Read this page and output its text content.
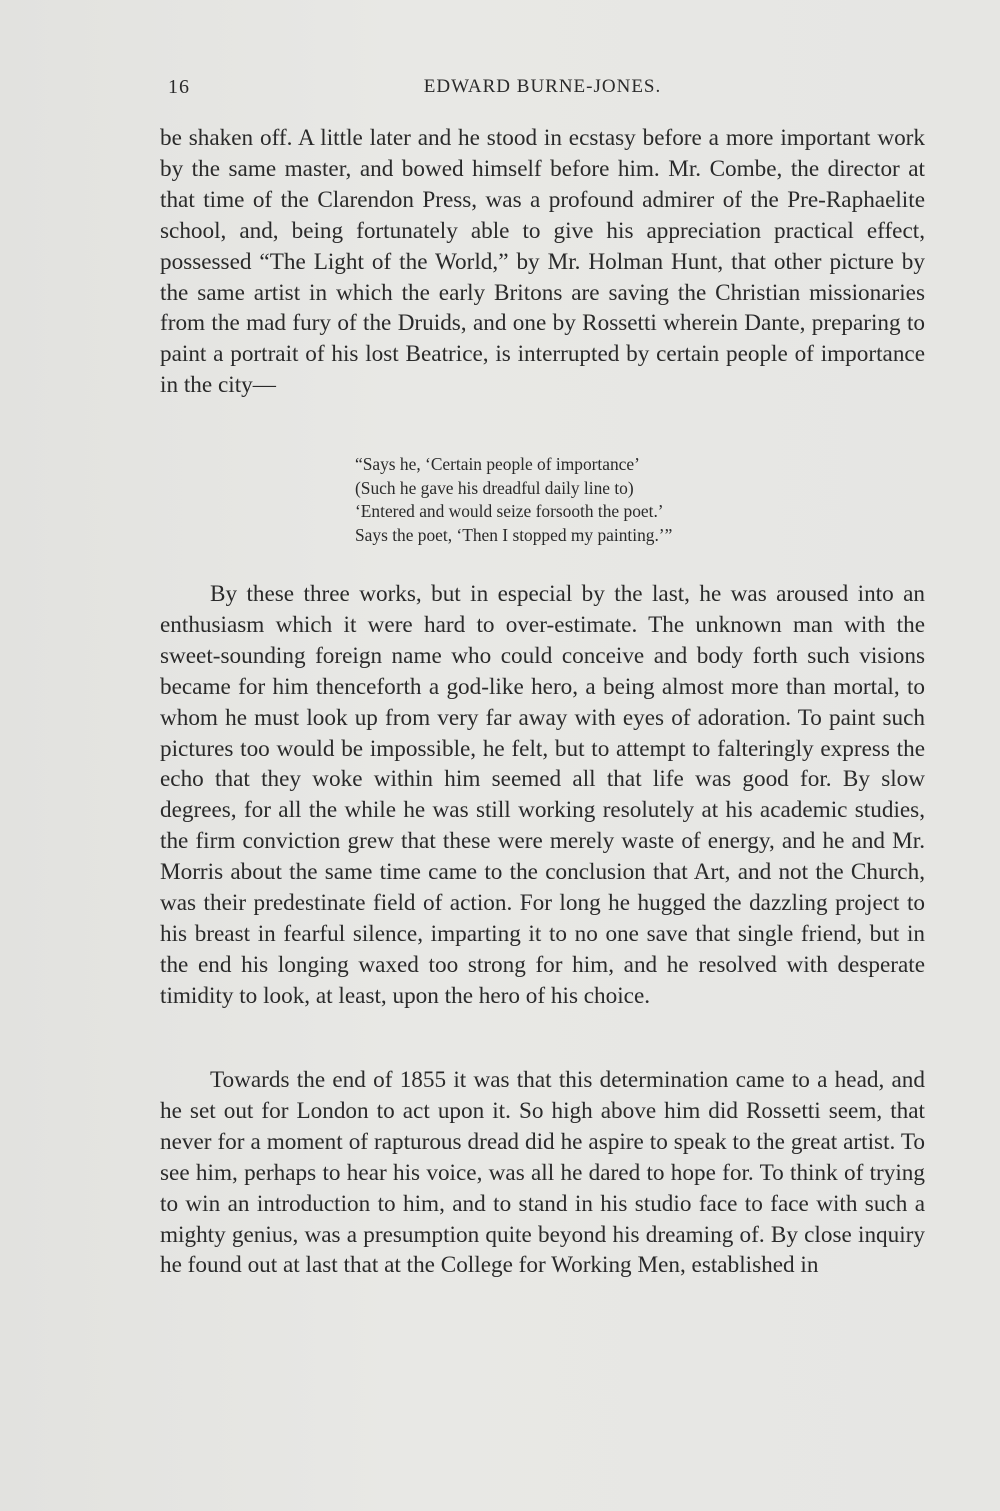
16	EDWARD BURNE-JONES.

be shaken off. A little later and he stood in ecstasy before a more important work by the same master, and bowed himself before him. Mr. Combe, the director at that time of the Clarendon Press, was a profound admirer of the Pre-Raphaelite school, and, being fortunately able to give his appreciation practical effect, possessed “The Light of the World,” by Mr. Holman Hunt, that other picture by the same artist in which the early Britons are saving the Christian missionaries from the mad fury of the Druids, and one by Rossetti wherein Dante, preparing to paint a portrait of his lost Beatrice, is interrupted by certain people of importance in the city—

“Says he, ‘Certain people of importance’
(Such he gave his dreadful daily line to)
‘Entered and would seize forsooth the poet.’
Says the poet, ‘Then I stopped my painting.’”

By these three works, but in especial by the last, he was aroused into an enthusiasm which it were hard to over-estimate. The unknown man with the sweet-sounding foreign name who could conceive and body forth such visions became for him thenceforth a god-like hero, a being almost more than mortal, to whom he must look up from very far away with eyes of adoration. To paint such pictures too would be impossible, he felt, but to attempt to falteringly express the echo that they woke within him seemed all that life was good for. By slow degrees, for all the while he was still working resolutely at his academic studies, the firm conviction grew that these were merely waste of energy, and he and Mr. Morris about the same time came to the conclusion that Art, and not the Church, was their predestinate field of action. For long he hugged the dazzling project to his breast in fearful silence, imparting it to no one save that single friend, but in the end his longing waxed too strong for him, and he resolved with desperate timidity to look, at least, upon the hero of his choice.

Towards the end of 1855 it was that this determination came to a head, and he set out for London to act upon it. So high above him did Rossetti seem, that never for a moment of rapturous dread did he aspire to speak to the great artist. To see him, perhaps to hear his voice, was all he dared to hope for. To think of trying to win an introduction to him, and to stand in his studio face to face with such a mighty genius, was a presumption quite beyond his dreaming of. By close inquiry he found out at last that at the College for Working Men, established in
